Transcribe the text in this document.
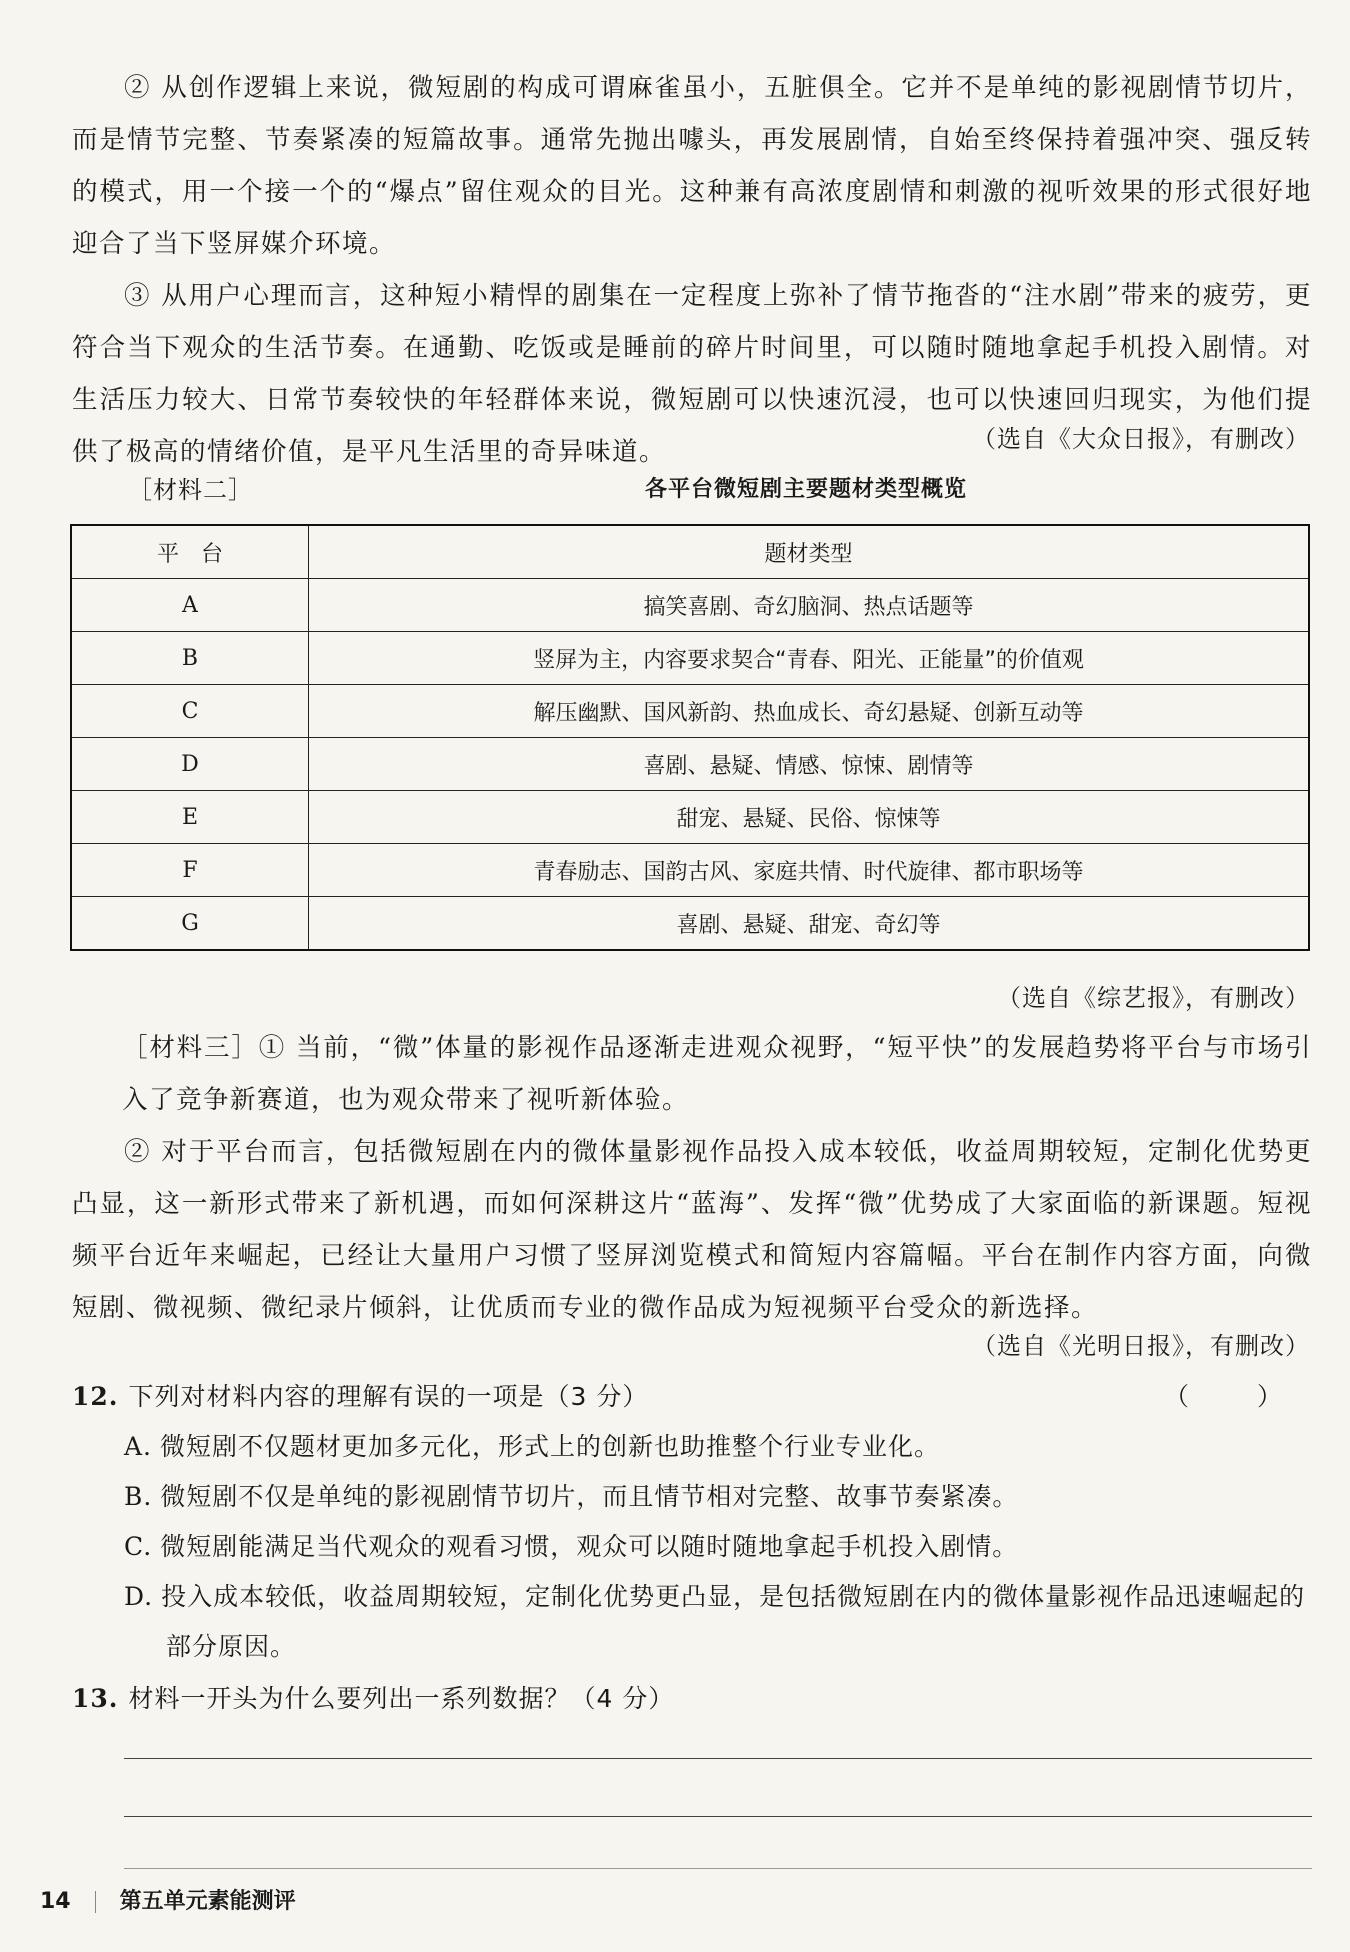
② 从创作逻辑上来说，微短剧的构成可谓麻雀虽小，五脏俱全。它并不是单纯的影视剧情节切片，而是情节完整、节奏紧凑的短篇故事。通常先抛出噱头，再发展剧情，自始至终保持着强冲突、强反转的模式，用一个接一个的“爆点”留住观众的目光。这种兼有高浓度剧情和刺激的视听效果的形式很好地迎合了当下竖屏媒介环境。

③ 从用户心理而言，这种短小精悍的剧集在一定程度上弥补了情节拖沓的“注水剧”带来的疲劳，更符合当下观众的生活节奏。在通勤、吃饭或是睡前的碎片时间里，可以随时随地拿起手机投入剧情。对生活压力较大、日常节奏较快的年轻群体来说，微短剧可以快速沉浸，也可以快速回归现实，为他们提供了极高的情绪价值，是平凡生活里的奇异味道。	（选自《大众日报》，有删改）
［材料二］	各平台微短剧主要题材类型概览
平　台	题材类型
A	搞笑喜剧、奇幻脑洞、热点话题等
B	竖屏为主，内容要求契合“青春、阳光、正能量”的价值观
C	解压幽默、国风新韵、热血成长、奇幻悬疑、创新互动等
D	喜剧、悬疑、情感、惊悚、剧情等
E	甜宠、悬疑、民俗、惊悚等
F	青春励志、国韵古风、家庭共情、时代旋律、都市职场等
G	喜剧、悬疑、甜宠、奇幻等
（选自《综艺报》，有删改）

［材料三］① 当前，“微”体量的影视作品逐渐走进观众视野，“短平快”的发展趋势将平台与市场引入了竞争新赛道，也为观众带来了视听新体验。

② 对于平台而言，包括微短剧在内的微体量影视作品投入成本较低，收益周期较短，定制化优势更凸显，这一新形式带来了新机遇，而如何深耕这片“蓝海”、发挥“微”优势成了大家面临的新课题。短视频平台近年来崛起，已经让大量用户习惯了竖屏浏览模式和简短内容篇幅。平台在制作内容方面，向微短剧、微视频、微纪录片倾斜，让优质而专业的微作品成为短视频平台受众的新选择。

（选自《光明日报》，有删改）
12. 下列对材料内容的理解有误的一项是（3 分）	（ ）
A. 微短剧不仅题材更加多元化，形式上的创新也助推整个行业专业化。
B. 微短剧不仅是单纯的影视剧情节切片，而且情节相对完整、故事节奏紧凑。
C. 微短剧能满足当代观众的观看习惯，观众可以随时随地拿起手机投入剧情。
D. 投入成本较低，收益周期较短，定制化优势更凸显，是包括微短剧在内的微体量影视作品迅速崛起的部分原因。
13. 材料一开头为什么要列出一系列数据？（4 分）
14 第五单元素能测评
